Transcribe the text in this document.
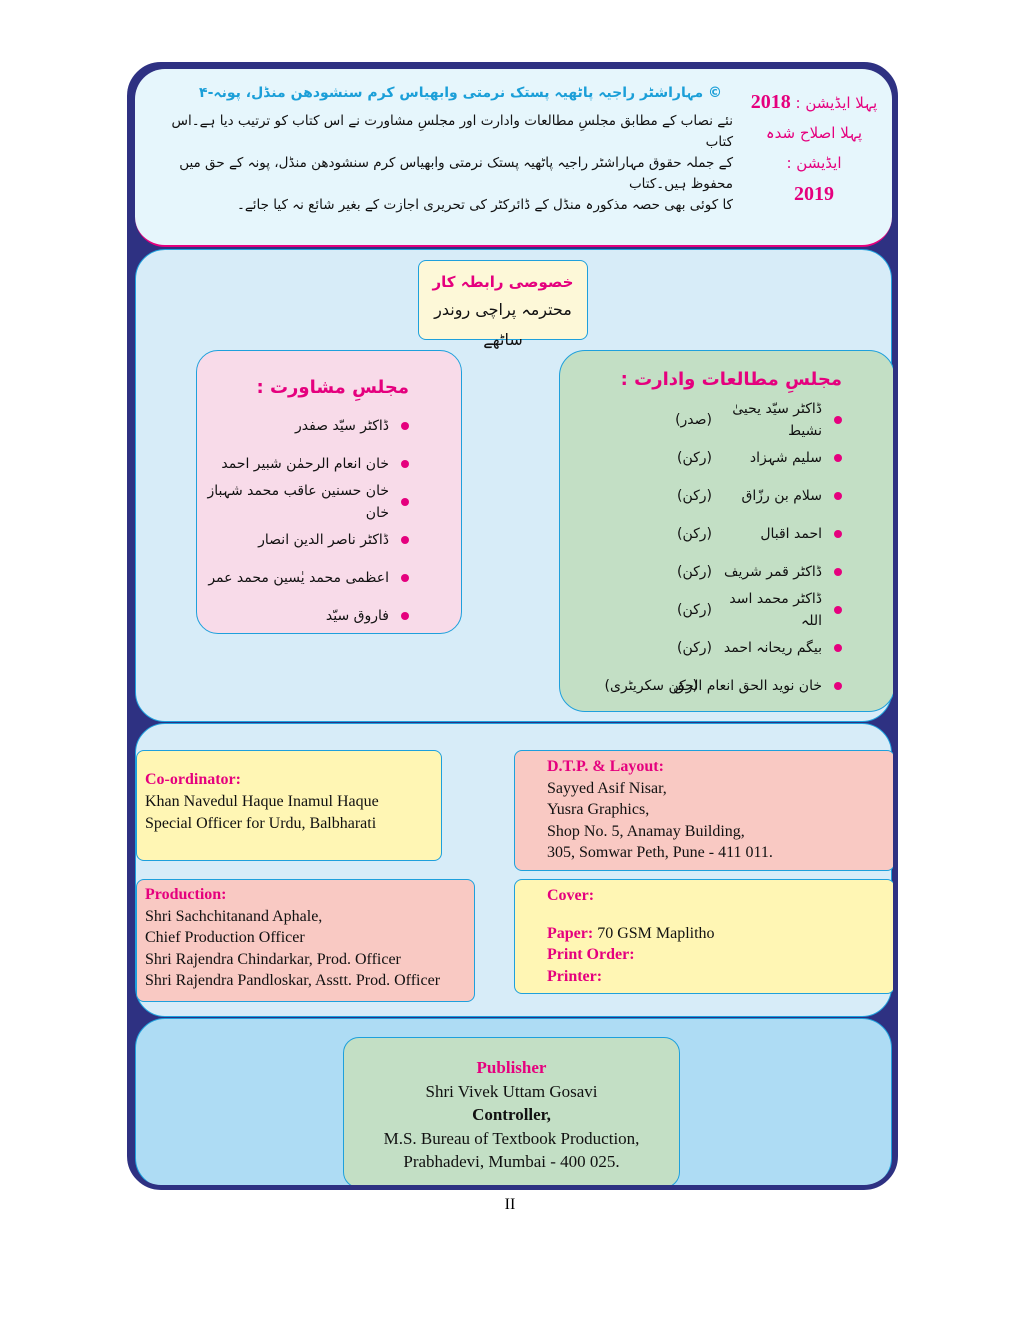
© مہاراشٹر راجیہ پاٹھیہ پستک نرمتی وابھیاس کرم سنشودھن منڈل، پونہ-۴
نئے نصاب کے مطابق مجلسِ مطالعات وادارت اور مجلسِ مشاورت نے اس کتاب کو ترتیب دیا ہے۔اس کتاب
کے جملہ حقوق مہاراشٹر راجیہ پاٹھیہ پستک نرمتی وابھیاس کرم سنشودھن منڈل، پونہ کے حق میں محفوظ ہیں۔کتاب
کا کوئی بھی حصہ مذکورہ منڈل کے ڈائرکٹر کی تحریری اجازت کے بغیر شائع نہ کیا جائے۔
پہلا ایڈیشن : 2018
پہلا اصلاح شدہ ایڈیشن :
2019
خصوصی رابطہ کار
محترمہ پراچی روندر ساٹھے
مجلسِ مشاورت :
ڈاکٹر سیّد صفدر
خان انعام الرحمٰن شبیر احمد
خان حسنین عاقب محمد شہباز خان
ڈاکٹر ناصر الدین انصار
اعظمی محمد یٰسین محمد عمر
فاروق سیّد
مجلسِ مطالعات وادارت :
ڈاکٹر سیّد یحییٰ نشیط
(صدر)
سلیم شہزاد
(رکن)
سلام بن رزّاق
(رکن)
احمد اقبال
(رکن)
ڈاکٹر قمر شریف
(رکن)
ڈاکٹر محمد اسد اللہ
(رکن)
بیگم ریحانہ احمد
(رکن)
خان نوید الحق انعام الحق
(رکن سکریٹری)
Co-ordinator:
Khan Navedul Haque Inamul Haque
Special Officer for Urdu, Balbharati
D.T.P. & Layout:
Sayyed Asif Nisar,
Yusra Graphics,
Shop No. 5, Anamay Building,
305, Somwar Peth, Pune - 411 011.
Production:
Shri Sachchitanand Aphale,
Chief Production Officer
Shri Rajendra Chindarkar, Prod. Officer
Shri Rajendra Pandloskar, Asstt. Prod. Officer
Cover:
Paper: 70 GSM Maplitho
Print Order:
Printer:
Publisher
Shri Vivek Uttam Gosavi
Controller,
M.S. Bureau of Textbook Production,
Prabhadevi, Mumbai - 400 025.
II
